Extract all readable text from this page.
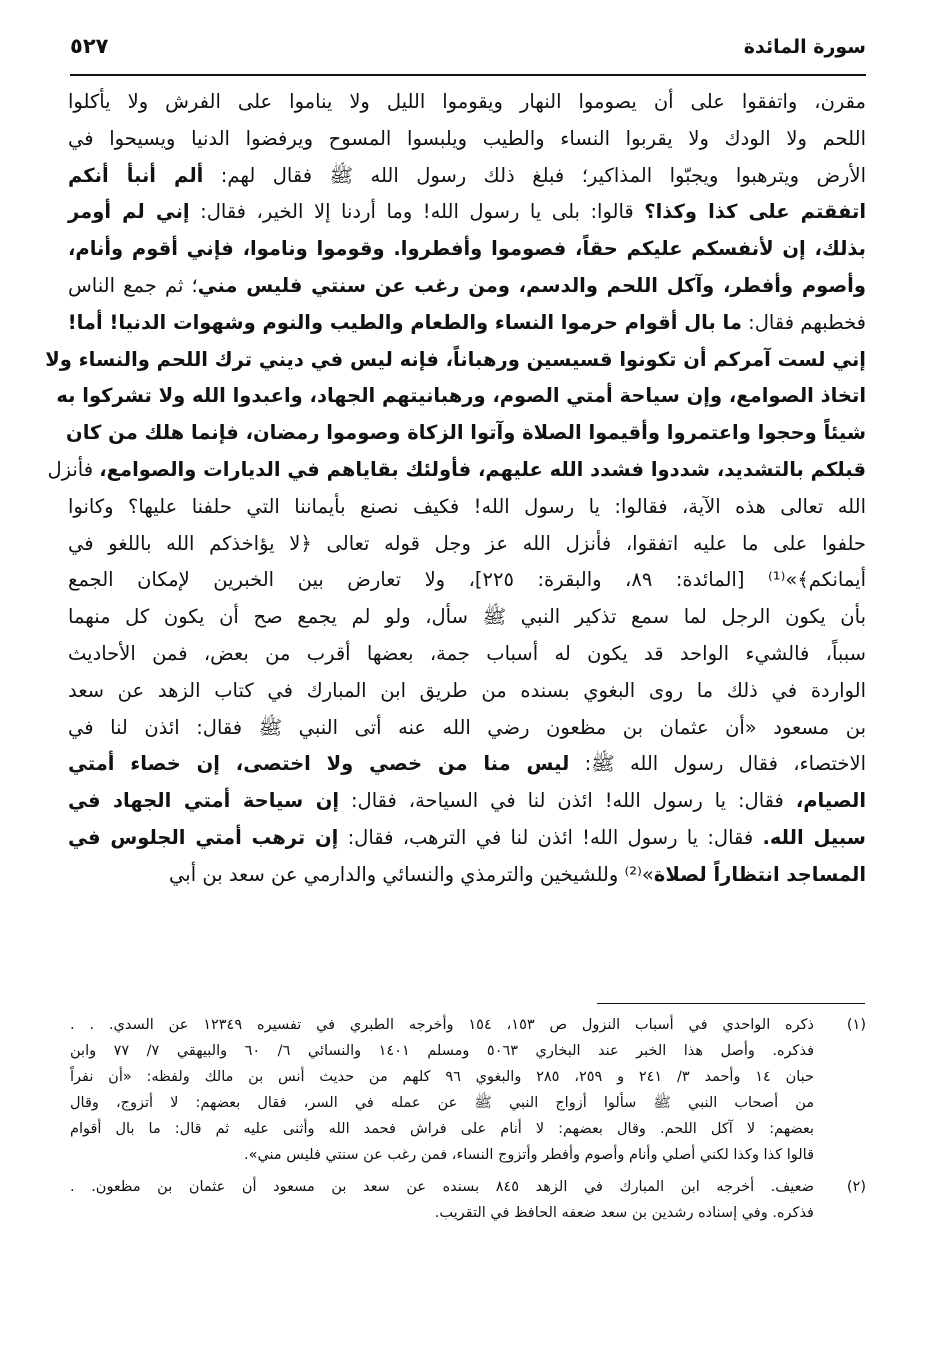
سورة المائدة
٥٢٧
مقرن، واتفقوا على أن يصوموا النهار ويقوموا الليل ولا يناموا على الفرش ولا يأكلوا
اللحم ولا الودك ولا يقربوا النساء والطيب ويلبسوا المسوح ويرفضوا الدنيا ويسيحوا في
الأرض ويترهبوا ويجبّوا المذاكير؛ فبلغ ذلك رسول الله ﷺ فقال لهم: ألم أنبأ أنكم
اتفقتم على كذا وكذا؟ قالوا: بلى يا رسول الله! وما أردنا إلا الخير، فقال: إني لم أومر
بذلك، إن لأنفسكم عليكم حقاً، فصوموا وأفطروا. وقوموا وناموا، فإني أقوم وأنام،
وأصوم وأفطر، وآكل اللحم والدسم، ومن رغب عن سنتي فليس مني؛ ثم جمع الناس
فخطبهم فقال: ما بال أقوام حرموا النساء والطعام والطيب والنوم وشهوات الدنيا! أما!
إني لست آمركم أن تكونوا قسيسين ورهباناً، فإنه ليس في ديني ترك اللحم والنساء ولا
اتخاذ الصوامع، وإن سياحة أمتي الصوم، ورهبانيتهم الجهاد، واعبدوا الله ولا تشركوا به
شيئاً وحجوا واعتمروا وأقيموا الصلاة وآتوا الزكاة وصوموا رمضان، فإنما هلك من كان
قبلكم بالتشديد، شددوا فشدد الله عليهم، فأولئك بقاياهم في الديارات والصوامع، فأنزل
الله تعالى هذه الآية، فقالوا: يا رسول الله! فكيف نصنع بأيماننا التي حلفنا عليها؟ وكانوا
حلفوا على ما عليه اتفقوا، فأنزل الله عز وجل قوله تعالى ﴿لا يؤاخذكم الله باللغو في
أيمانكم﴾»⁽¹⁾ [المائدة: ٨٩، والبقرة: ٢٢٥]، ولا تعارض بين الخبرين لإمكان الجمع
بأن يكون الرجل لما سمع تذكير النبي ﷺ سأل، ولو لم يجمع صح أن يكون كل منهما
سبباً، فالشيء الواحد قد يكون له أسباب جمة، بعضها أقرب من بعض، فمن الأحاديث
الواردة في ذلك ما روى البغوي بسنده من طريق ابن المبارك في كتاب الزهد عن سعد
بن مسعود «أن عثمان بن مظعون رضي الله عنه أتى النبي ﷺ فقال: ائذن لنا في
الاختصاء، فقال رسول الله ﷺ: ليس منا من خصي ولا اختصى، إن خصاء أمتي
الصيام، فقال: يا رسول الله! ائذن لنا في السياحة، فقال: إن سياحة أمتي الجهاد في
سبيل الله. فقال: يا رسول الله! ائذن لنا في الترهب، فقال: إن ترهب أمتي الجلوس في
المساجد انتظاراً لصلاة»⁽²⁾ وللشيخين والترمذي والنسائي والدارمي عن سعد بن أبي
(١)
ذكره الواحدي في أسباب النزول ص ١٥٣، ١٥٤ وأخرجه الطبري في تفسيره ١٢٣٤٩ عن السدي. . .
فذكره. وأصل هذا الخبر عند البخاري ٥٠٦٣ ومسلم ١٤٠١ والنسائي ٦/ ٦٠ والبيهقي ٧/ ٧٧ وابن
حبان ١٤ وأحمد ٣/ ٢٤١ و ٢٥٩، ٢٨٥ والبغوي ٩٦ كلهم من حديث أنس بن مالك ولفظه: «أن نفراً
من أصحاب النبي ﷺ سألوا أزواج النبي ﷺ عن عمله في السر، فقال بعضهم: لا أتزوج، وقال
بعضهم: لا آكل اللحم. وقال بعضهم: لا أنام على فراش فحمد الله وأثنى عليه ثم قال: ما بال أقوام
قالوا كذا وكذا لكني أصلي وأنام وأصوم وأفطر وأتزوج النساء، فمن رغب عن سنتي فليس مني».
(٢)
ضعيف. أخرجه ابن المبارك في الزهد ٨٤٥ بسنده عن سعد بن مسعود أن عثمان بن مظعون. .
فذكره. وفي إسناده رشدين بن سعد ضعفه الحافظ في التقريب.
